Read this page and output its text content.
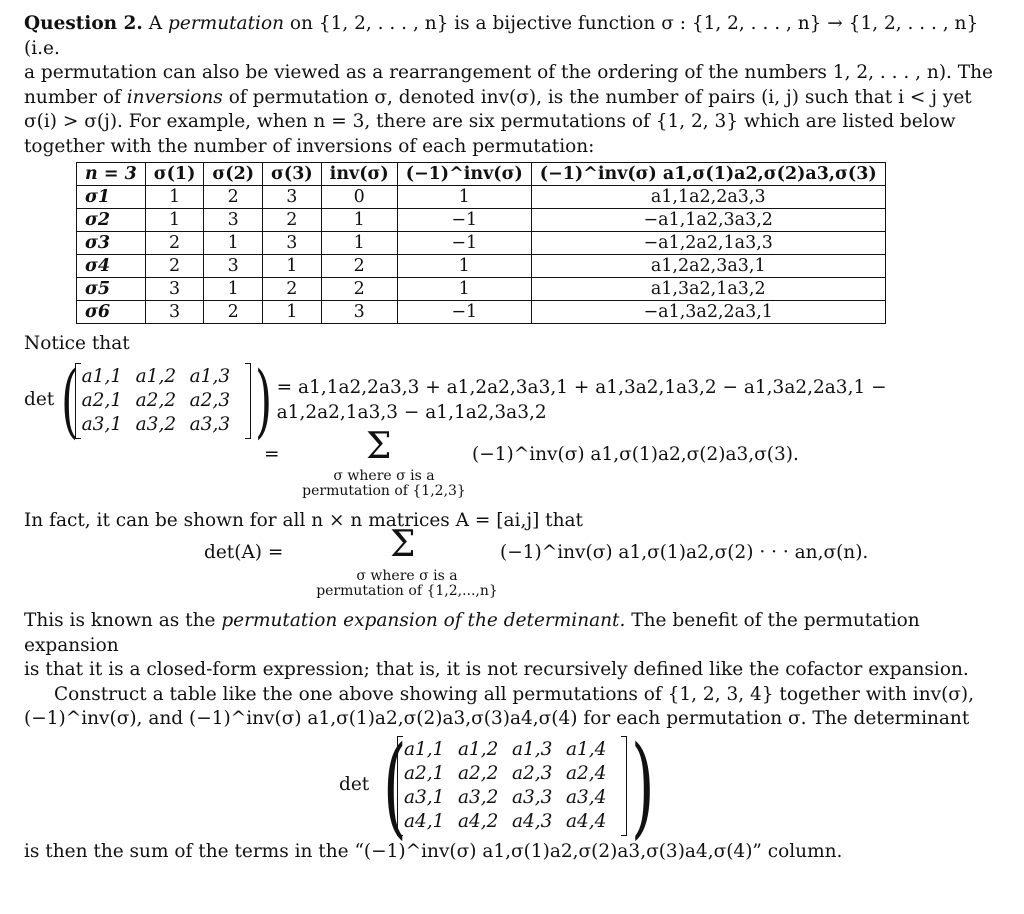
Question 2. A permutation on {1, 2, . . . , n} is a bijective function σ : {1, 2, . . . , n} → {1, 2, . . . , n} (i.e.
a permutation can also be viewed as a rearrangement of the ordering of the numbers 1, 2, . . . , n). The
number of inversions of permutation σ, denoted inv(σ), is the number of pairs (i, j) such that i < j yet
σ(i) > σ(j). For example, when n = 3, there are six permutations of {1, 2, 3} which are listed below
together with the number of inversions of each permutation:

n = 3	σ(1)	σ(2)	σ(3)	inv(σ)	(−1)^inv(σ)	(−1)^inv(σ) a1,σ(1)a2,σ(2)a3,σ(3)
σ1	1	2	3	0	1	a1,1a2,2a3,3
σ2	1	3	2	1	−1	−a1,1a2,3a3,2
σ3	2	1	3	1	−1	−a1,2a2,1a3,3
σ4	2	3	1	2	1	a1,2a2,3a3,1
σ5	3	1	2	2	1	a1,3a2,1a3,2
σ6	3	2	1	3	−1	−a1,3a2,2a3,1

Notice that

det ( a1,1 a1,2 a1,3
a2,1 a2,2 a2,3
a3,1 a3,2 a3,3 ) = a1,1a2,2a3,3 + a1,2a2,3a3,1 + a1,3a2,1a3,2 − a1,3a2,2a3,1 − a1,2a2,1a3,3 − a1,1a2,3a3,2
= Σ
σ where σ is a
permutation of {1,2,3}
(−1)^inv(σ) a1,σ(1)a2,σ(2)a3,σ(3).

In fact, it can be shown for all n × n matrices A = [ai,j] that

det(A) =	Σ
σ where σ is a
permutation of {1,2,...,n}
(−1)^inv(σ) a1,σ(1)a2,σ(2) · · · an,σ(n).

This is known as the permutation expansion of the determinant. The benefit of the permutation expansion
is that it is a closed-form expression; that is, it is not recursively defined like the cofactor expansion.
Construct a table like the one above showing all permutations of {1, 2, 3, 4} together with inv(σ),
(−1)^inv(σ), and (−1)^inv(σ) a1,σ(1)a2,σ(2)a3,σ(3)a4,σ(4) for each permutation σ. The determinant

det (
a1,1 a1,2 a1,3 a1,4
a2,1 a2,2 a2,3 a2,4
a3,1 a3,2 a3,3 a3,4
a4,1 a4,2 a4,3 a4,4 )

is then the sum of the terms in the “(−1)^inv(σ) a1,σ(1)a2,σ(2)a3,σ(3)a4,σ(4)” column.
